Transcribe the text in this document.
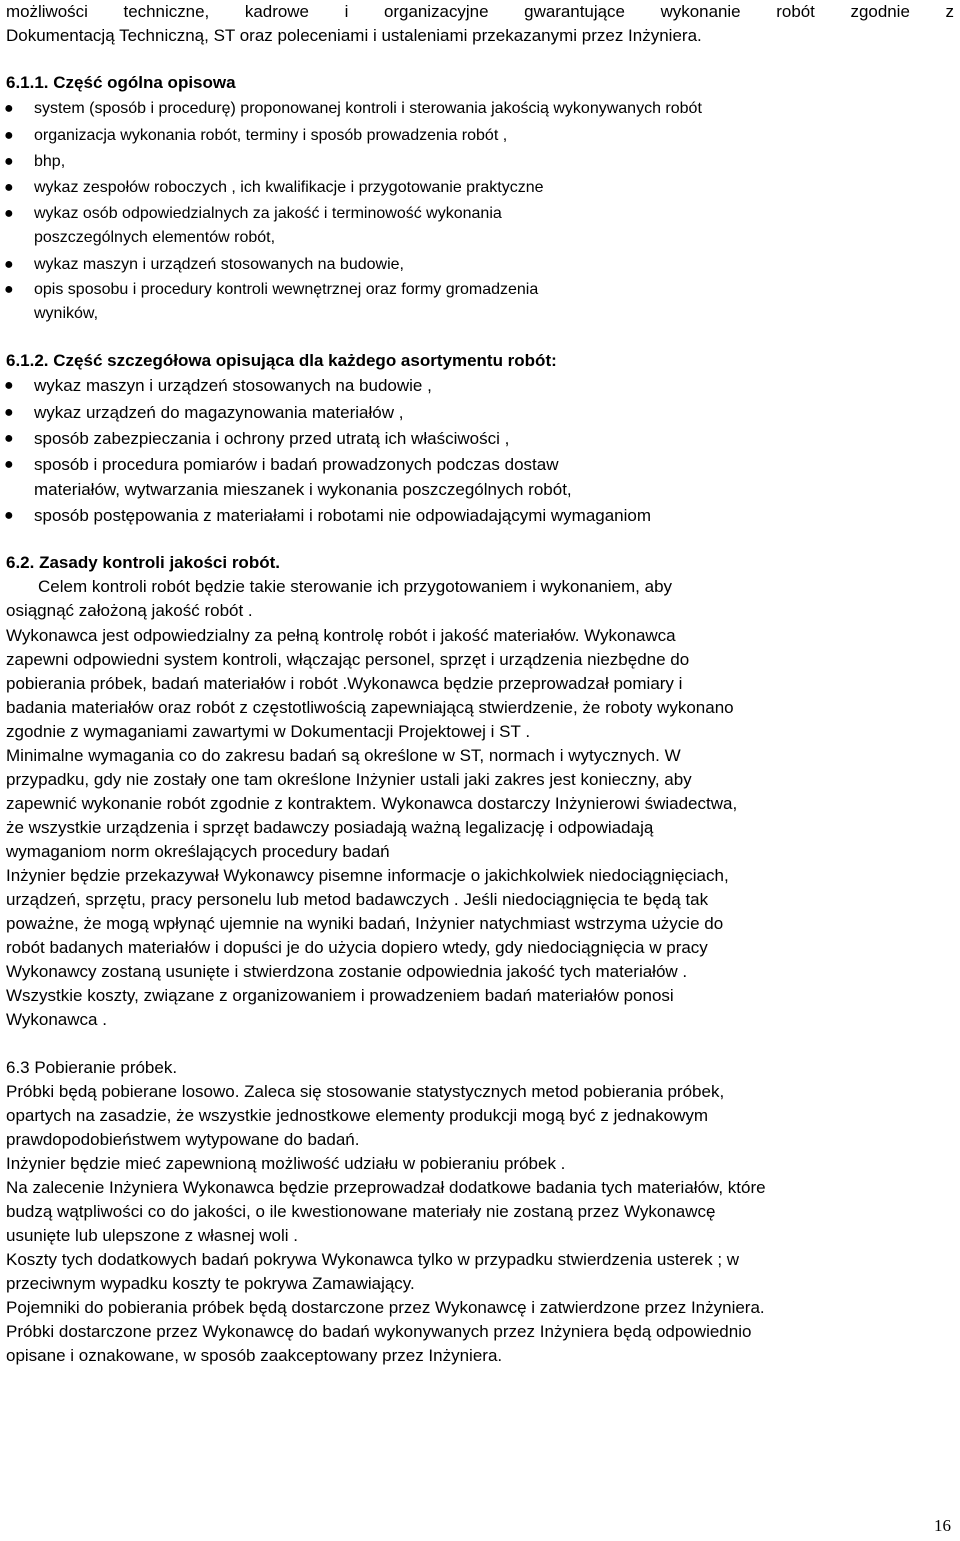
możliwości techniczne, kadrowe i organizacyjne gwarantujące wykonanie robót zgodnie z
Dokumentacją Techniczną, ST oraz poleceniami i ustaleniami przekazanymi przez Inżyniera.
6.1.1. Część ogólna opisowa
● system (sposób i procedurę) proponowanej kontroli i sterowania jakością wykonywanych robót
● organizacja wykonania robót, terminy i sposób prowadzenia robót ,
● bhp,
● wykaz zespołów roboczych , ich kwalifikacje i przygotowanie praktyczne
● wykaz osób odpowiedzialnych za jakość i terminowość wykonania
poszczególnych elementów robót,
● wykaz maszyn i urządzeń stosowanych na budowie,
● opis sposobu i procedury kontroli wewnętrznej oraz formy gromadzenia
wyników,
6.1.2. Część szczegółowa opisująca dla każdego asortymentu robót:
● wykaz maszyn i urządzeń stosowanych na budowie ,
● wykaz urządzeń do magazynowania materiałów ,
● sposób zabezpieczania i ochrony przed utratą ich właściwości ,
● sposób i procedura pomiarów i badań prowadzonych podczas dostaw
materiałów, wytwarzania mieszanek i wykonania poszczególnych robót,
● sposób postępowania z materiałami i robotami nie odpowiadającymi wymaganiom
6.2. Zasady kontroli jakości robót.
Celem kontroli robót będzie takie sterowanie ich przygotowaniem i wykonaniem, aby
osiągnąć założoną jakość robót .
Wykonawca jest odpowiedzialny za pełną kontrolę robót i jakość materiałów. Wykonawca
zapewni odpowiedni system kontroli, włączając personel, sprzęt i urządzenia niezbędne do
pobierania próbek, badań materiałów i robót .Wykonawca będzie przeprowadzał pomiary i
badania materiałów oraz robót z częstotliwością zapewniającą stwierdzenie, że roboty wykonano
zgodnie z wymaganiami zawartymi w Dokumentacji Projektowej i ST .
Minimalne wymagania co do zakresu badań są określone w ST, normach i wytycznych. W
przypadku, gdy nie zostały one tam określone Inżynier ustali jaki zakres jest konieczny, aby
zapewnić wykonanie robót zgodnie z kontraktem. Wykonawca dostarczy Inżynierowi świadectwa,
że wszystkie urządzenia i sprzęt badawczy posiadają ważną legalizację i odpowiadają
wymaganiom norm określających procedury badań
Inżynier będzie przekazywał Wykonawcy pisemne informacje o jakichkolwiek niedociągnięciach,
urządzeń, sprzętu, pracy personelu lub metod badawczych . Jeśli niedociągnięcia te będą tak
poważne, że mogą wpłynąć ujemnie na wyniki badań, Inżynier natychmiast wstrzyma użycie do
robót badanych materiałów i dopuści je do użycia dopiero wtedy, gdy niedociągnięcia w pracy
Wykonawcy zostaną usunięte i stwierdzona zostanie odpowiednia jakość tych materiałów .
Wszystkie koszty, związane z organizowaniem i prowadzeniem badań materiałów ponosi
Wykonawca .
6.3 Pobieranie próbek.
Próbki będą pobierane losowo. Zaleca się stosowanie statystycznych metod pobierania próbek,
opartych na zasadzie, że wszystkie jednostkowe elementy produkcji mogą być z jednakowym
prawdopodobieństwem wytypowane do badań.
Inżynier będzie mieć zapewnioną możliwość udziału w pobieraniu próbek .
Na zalecenie Inżyniera Wykonawca będzie przeprowadzał dodatkowe badania tych materiałów, które
budzą wątpliwości co do jakości, o ile kwestionowane materiały nie zostaną przez Wykonawcę
usunięte lub ulepszone z własnej woli .
Koszty tych dodatkowych badań pokrywa Wykonawca tylko w przypadku stwierdzenia usterek ; w
przeciwnym wypadku koszty te pokrywa Zamawiający.
Pojemniki do pobierania próbek będą dostarczone przez Wykonawcę i zatwierdzone przez Inżyniera.
Próbki dostarczone przez Wykonawcę do badań wykonywanych przez Inżyniera będą odpowiednio
opisane i oznakowane, w sposób zaakceptowany przez Inżyniera.
16
